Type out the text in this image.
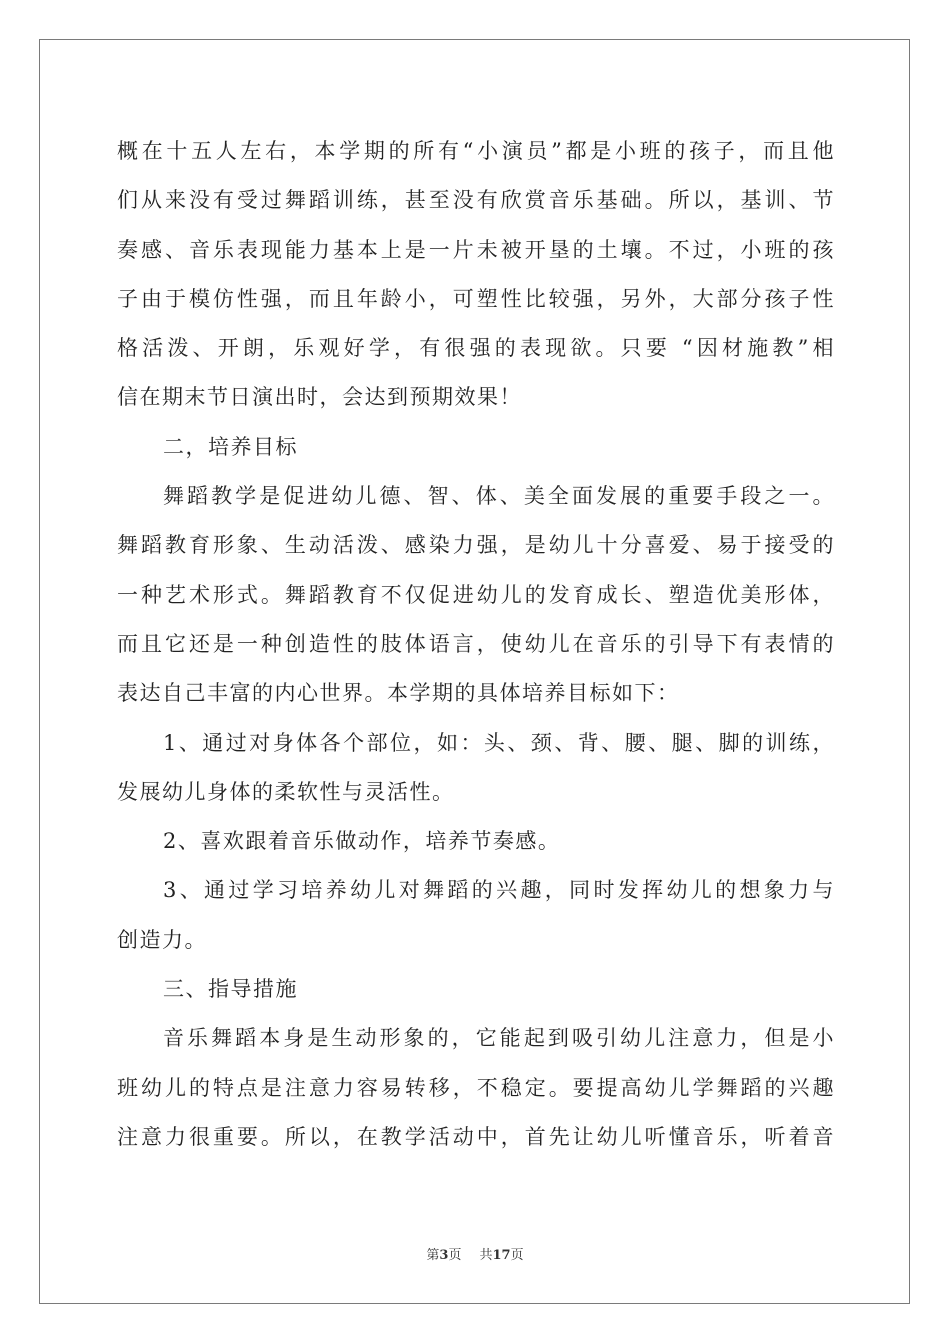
概在十五人左右，本学期的所有“小演员”都是小班的孩子，而且他
们从来没有受过舞蹈训练，甚至没有欣赏音乐基础。所以，基训、节
奏感、音乐表现能力基本上是一片未被开垦的土壤。不过，小班的孩
子由于模仿性强，而且年龄小，可塑性比较强，另外，大部分孩子性
格活泼、开朗，乐观好学，有很强的表现欲。只要 “因材施教”相
信在期末节日演出时，会达到预期效果！
二，培养目标
舞蹈教学是促进幼儿德、智、体、美全面发展的重要手段之一。
舞蹈教育形象、生动活泼、感染力强，是幼儿十分喜爱、易于接受的
一种艺术形式。舞蹈教育不仅促进幼儿的发育成长、塑造优美形体，
而且它还是一种创造性的肢体语言，使幼儿在音乐的引导下有表情的
表达自己丰富的内心世界。本学期的具体培养目标如下：
1、通过对身体各个部位，如：头、颈、背、腰、腿、脚的训练，
发展幼儿身体的柔软性与灵活性。
2、喜欢跟着音乐做动作，培养节奏感。
3、通过学习培养幼儿对舞蹈的兴趣，同时发挥幼儿的想象力与
创造力。
三、指导措施
音乐舞蹈本身是生动形象的，它能起到吸引幼儿注意力，但是小
班幼儿的特点是注意力容易转移，不稳定。要提高幼儿学舞蹈的兴趣
注意力很重要。所以，在教学活动中，首先让幼儿听懂音乐，听着音
第3页 共17页
